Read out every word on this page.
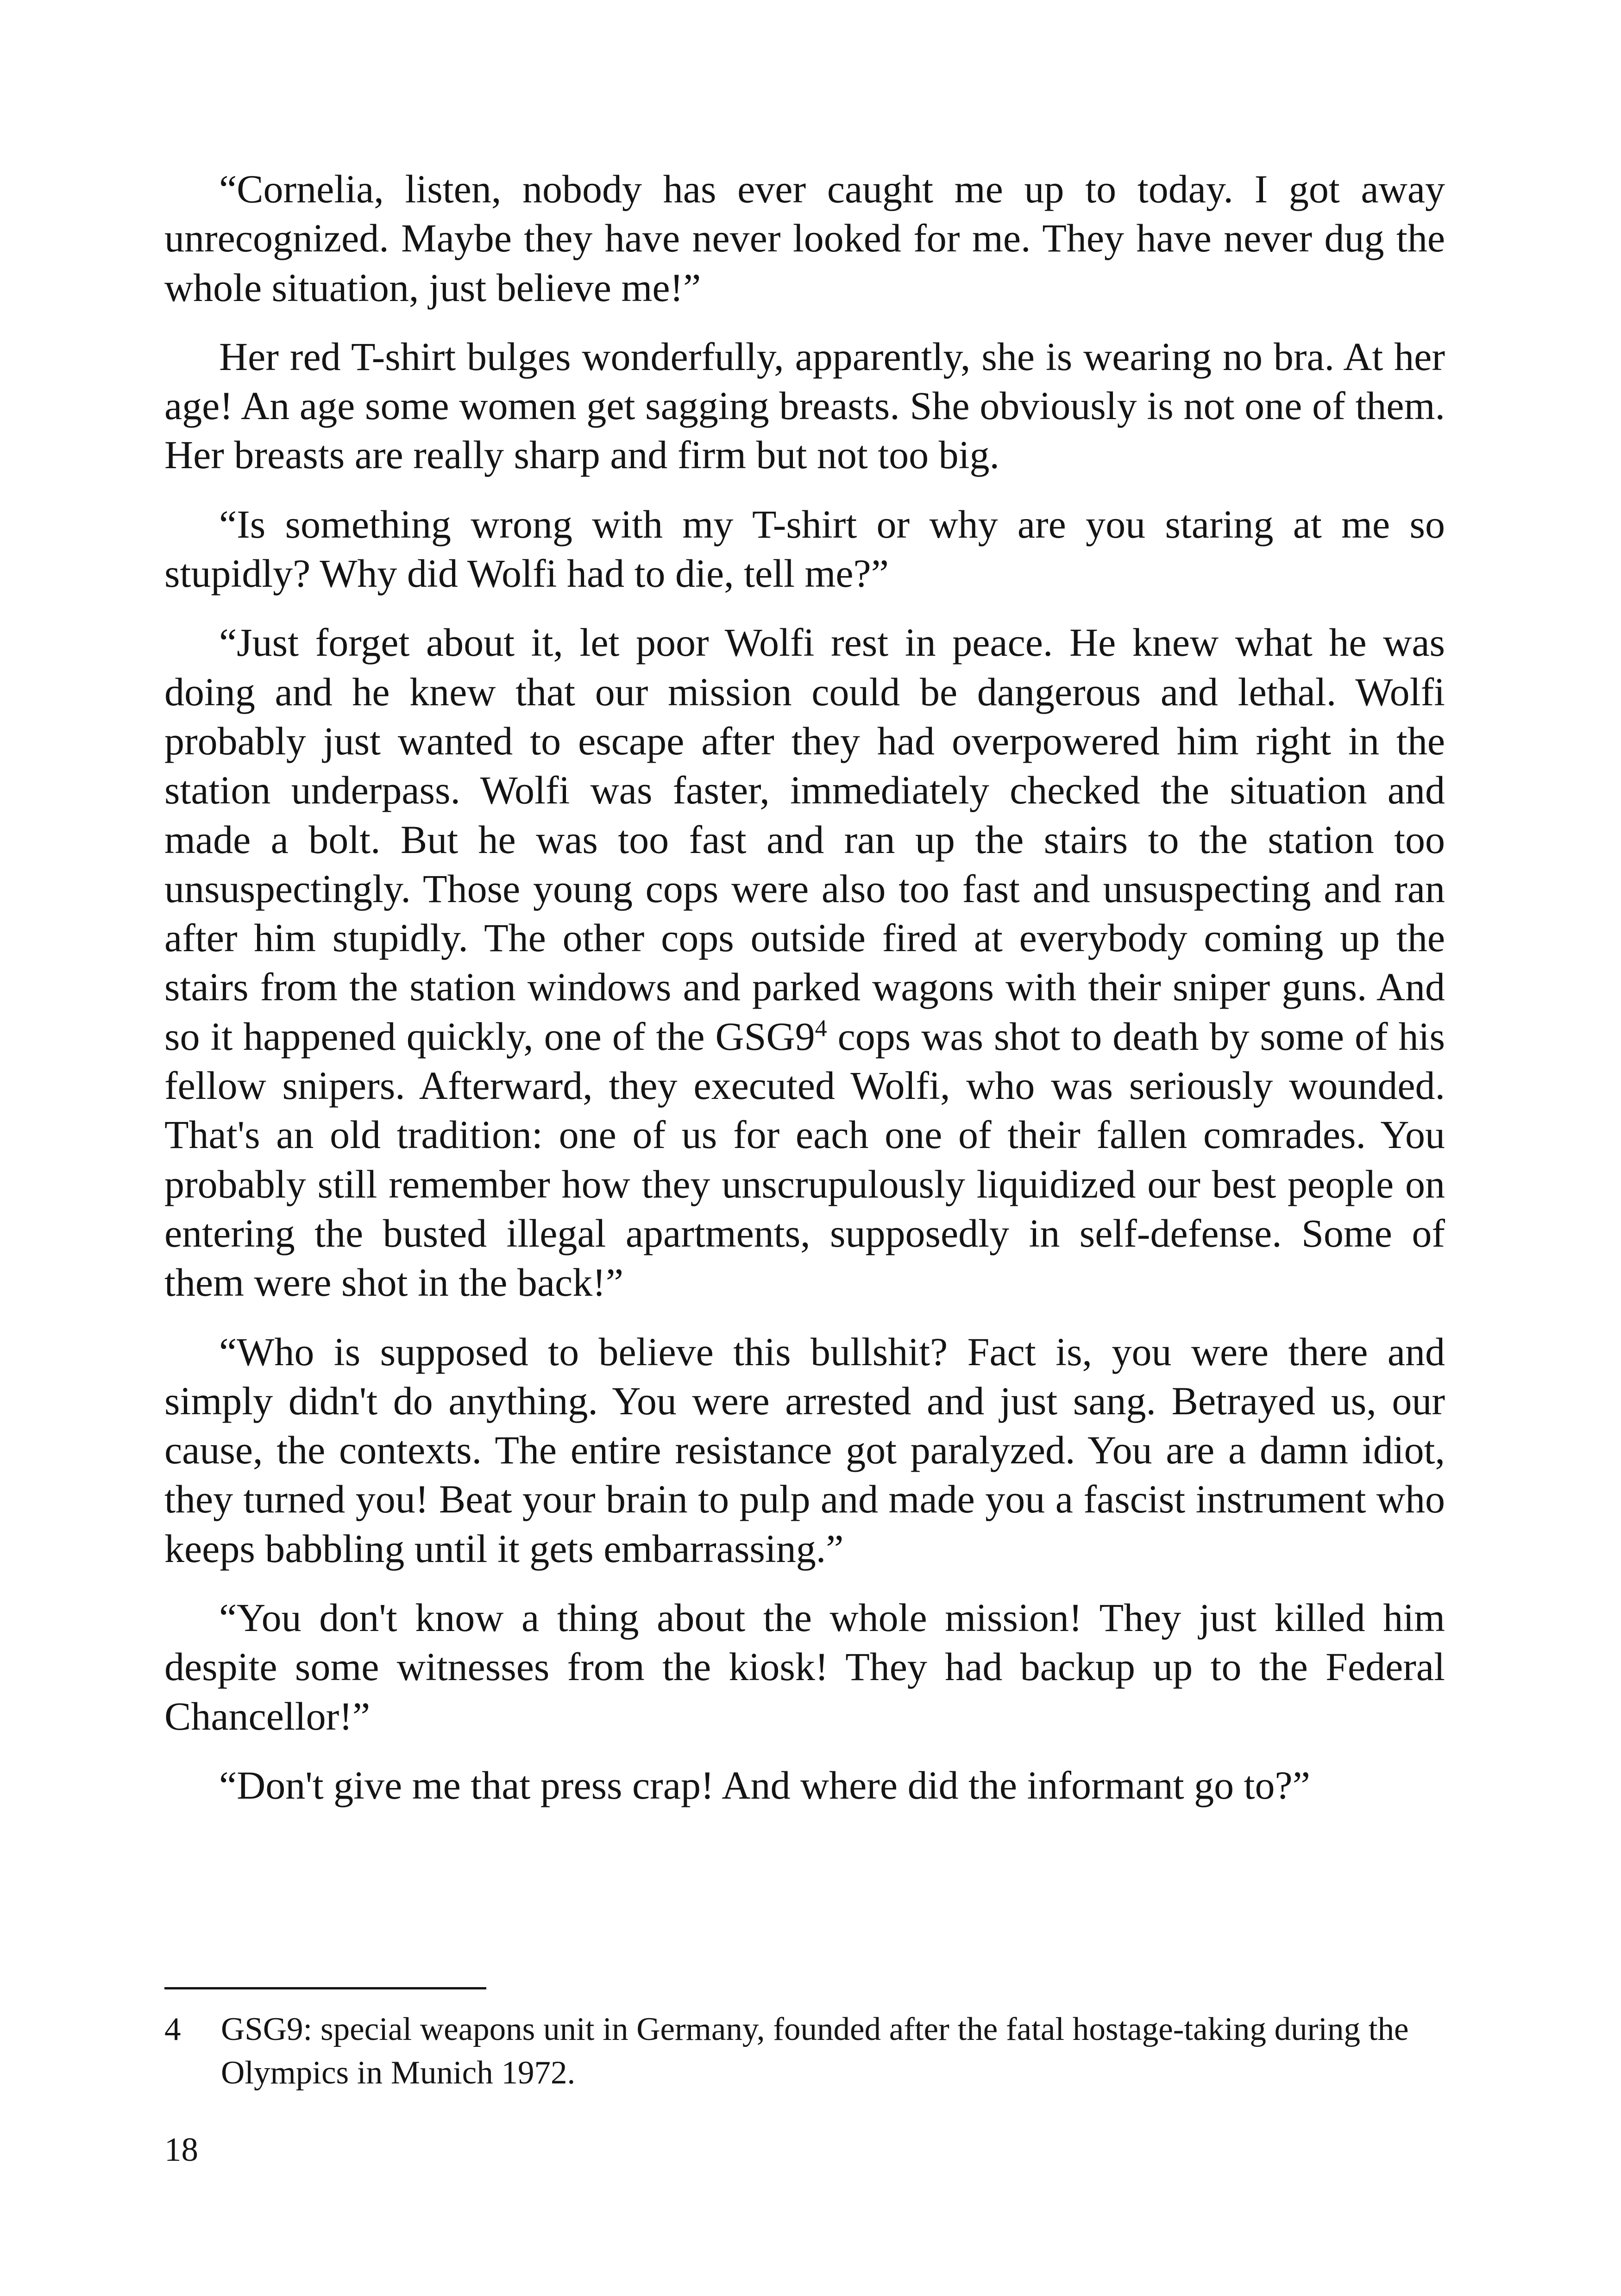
“Cornelia, listen, nobody has ever caught me up to today. I got away unrecognized. Maybe they have never looked for me. They have never dug the whole situation, just believe me!”

Her red T-shirt bulges wonderfully, apparently, she is wearing no bra. At her age! An age some women get sagging breasts. She obviously is not one of them. Her breasts are really sharp and firm but not too big.

“Is something wrong with my T-shirt or why are you staring at me so stupidly? Why did Wolfi had to die, tell me?”

“Just forget about it, let poor Wolfi rest in peace. He knew what he was doing and he knew that our mission could be dangerous and lethal. Wolfi probably just wanted to escape after they had overpowered him right in the station underpass. Wolfi was faster, immediately checked the situation and made a bolt. But he was too fast and ran up the stairs to the station too unsuspectingly. Those young cops were also too fast and unsuspecting and ran after him stupidly. The other cops outside fired at everybody coming up the stairs from the station windows and parked wagons with their sniper guns. And so it happened quickly, one of the $GSG9^4$ cops was shot to death by some of his fellow snipers. Afterward, they executed Wolfi, who was seriously wounded. That's an old tradition: one of us for each one of their fallen comrades. You probably still remember how they unscrupulously liquidized our best people on entering the busted illegal apartments, supposedly in self-defense. Some of them were shot in the back!”

“Who is supposed to believe this bullshit? Fact is, you were there and simply didn't do anything. You were arrested and just sang. Betrayed us, our cause, the contexts. The entire resistance got paralyzed. You are a damn idiot, they turned you! Beat your brain to pulp and made you a fascist instrument who keeps babbling until it gets embarrassing.”

“You don't know a thing about the whole mission! They just killed him despite some witnesses from the kiosk! They had backup up to the Federal Chancellor!”

“Don't give me that press crap! And where did the informant go to?”

4	GSG9: special weapons unit in Germany, founded after the fatal hostage-taking during the Olympics in Munich 1972.
18
